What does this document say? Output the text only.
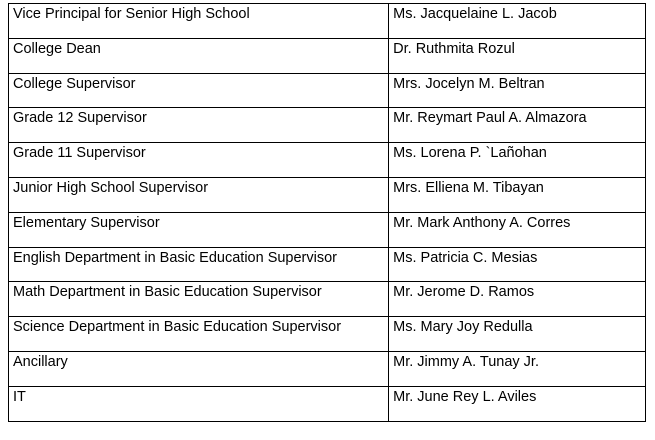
Vice Principal for Senior High School	Ms. Jacquelaine L. Jacob
College Dean	Dr. Ruthmita Rozul
College Supervisor	Mrs. Jocelyn M. Beltran
Grade 12 Supervisor	Mr. Reymart Paul A. Almazora
Grade 11 Supervisor	Ms. Lorena P. `Lañohan
Junior High School Supervisor	Mrs. Elliena M. Tibayan
Elementary Supervisor	Mr. Mark Anthony A. Corres
English Department in Basic Education Supervisor	Ms. Patricia C. Mesias
Math Department in Basic Education Supervisor	Mr. Jerome D. Ramos
Science Department in Basic Education Supervisor	Ms. Mary Joy Redulla
Ancillary	Mr. Jimmy A. Tunay Jr.
IT	Mr. June Rey L. Aviles
